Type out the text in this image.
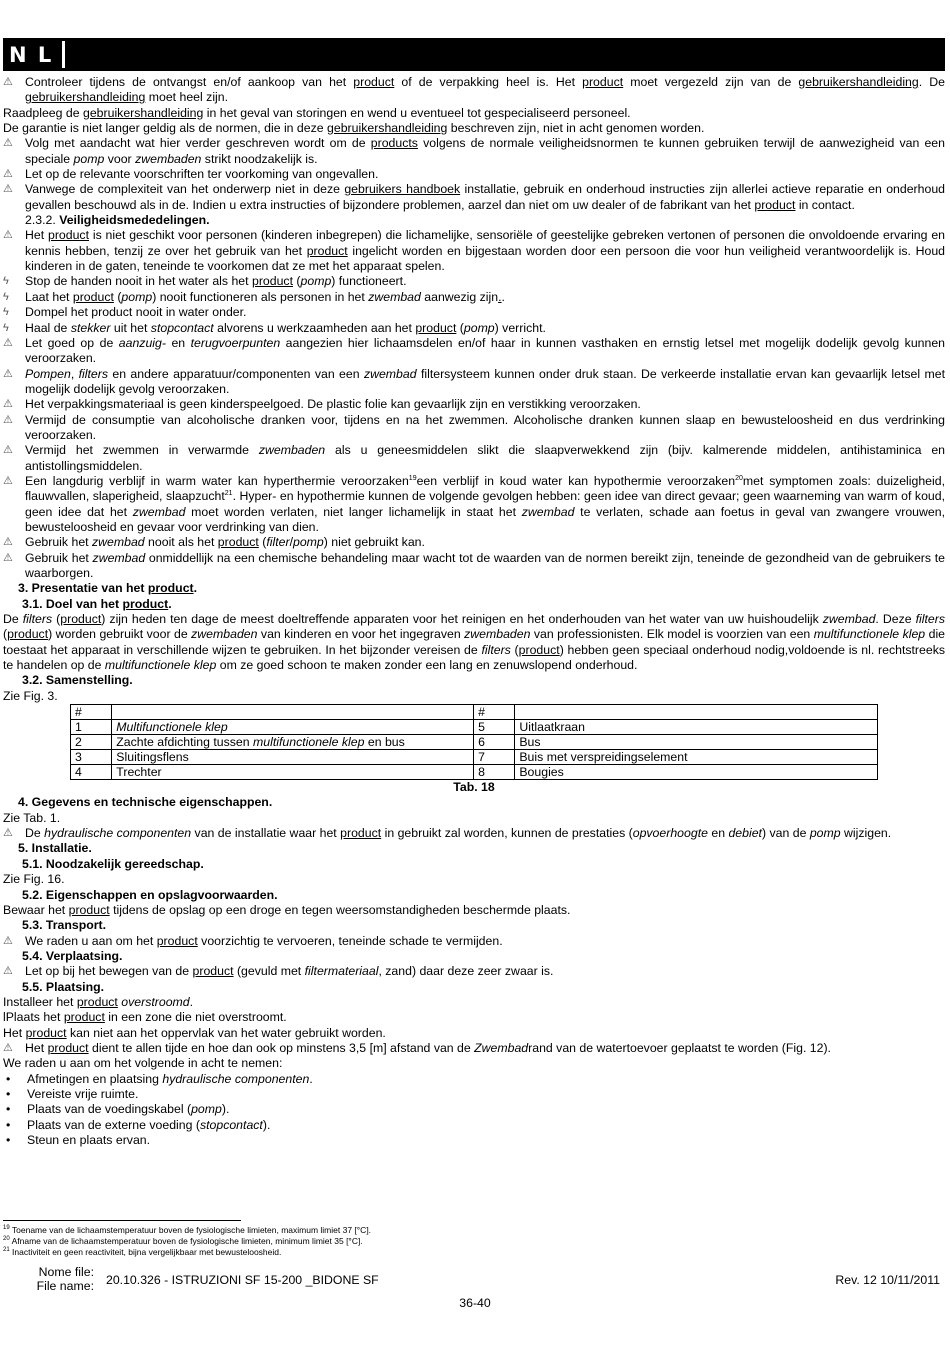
N L
⚠ Controleer tijdens de ontvangst en/of aankoop van het product of de verpakking heel is. Het product moet vergezeld zijn van de gebruikershandleiding. De gebruikershandleiding moet heel zijn.
Raadpleeg de gebruikershandleiding in het geval van storingen en wend u eventueel tot gespecialiseerd personeel.
De garantie is niet langer geldig als de normen, die in deze gebruikershandleiding beschreven zijn, niet in acht genomen worden.
⚠ Volg met aandacht wat hier verder geschreven wordt om de products volgens de normale veiligheidsnormen te kunnen gebruiken terwijl de aanwezigheid van een speciale pomp voor zwembaden strikt noodzakelijk is.
⚠ Let op de relevante voorschriften ter voorkoming van ongevallen.
⚠ Vanwege de complexiteit van het onderwerp niet in deze gebruikers handboek installatie, gebruik en onderhoud instructies zijn allerlei actieve reparatie en onderhoud gevallen beschouwd als in de. Indien u extra instructies of bijzondere problemen, aarzel dan niet om uw dealer of de fabrikant van het product in contact.
2.3.2. Veiligheidsmededelingen.
⚠ Het product is niet geschikt voor personen (kinderen inbegrepen) die lichamelijke, sensoriële of geestelijke gebreken vertonen of personen die onvoldoende ervaring en kennis hebben, tenzij ze over het gebruik van het product ingelicht worden en bijgestaan worden door een persoon die voor hun veiligheid verantwoordelijk is. Houd kinderen in de gaten, teneinde te voorkomen dat ze met het apparaat spelen.
ϟ	Stop de handen nooit in het water als het product (pomp) functioneert.
ϟ	Laat het product (pomp) nooit functioneren als personen in het zwembad aanwezig zijn..
ϟ	Dompel het product nooit in water onder.
ϟ	Haal de stekker uit het stopcontact alvorens u werkzaamheden aan het product (pomp) verricht.
⚠ Let goed op de aanzuig- en terugvoerpunten aangezien hier lichaamsdelen en/of haar in kunnen vasthaken en ernstig letsel met mogelijk dodelijk gevolg kunnen veroorzaken.
⚠ Pompen, filters en andere apparatuur/componenten van een zwembad filtersysteem kunnen onder druk staan. De verkeerde installatie ervan kan gevaarlijk letsel met mogelijk dodelijk gevolg veroorzaken.
⚠ Het verpakkingsmateriaal is geen kinderspeelgoed. De plastic folie kan gevaarlijk zijn en verstikking veroorzaken.
⚠ Vermijd de consumptie van alcoholische dranken voor, tijdens en na het zwemmen. Alcoholische dranken kunnen slaap en bewusteloosheid en dus verdrinking veroorzaken.
⚠ Vermijd het zwemmen in verwarmde zwembaden als u geneesmiddelen slikt die slaapverwekkend zijn (bijv. kalmerende middelen, antihistaminica en antistollingsmiddelen.
⚠ Een langdurig verblijf in warm water kan hyperthermie veroorzaken$^{19}$een verblijf in koud water kan hypothermie veroorzaken$^{20}$met symptomen zoals: duizeligheid, flauwvallen, slaperigheid, slaapzucht$^{21}$. Hyper- en hypothermie kunnen de volgende gevolgen hebben: geen idee van direct gevaar; geen waarneming van warm of koud, geen idee dat het zwembad moet worden verlaten, niet langer lichamelijk in staat het zwembad te verlaten, schade aan foetus in geval van zwangere vrouwen, bewusteloosheid en gevaar voor verdrinking van dien.
⚠ Gebruik het zwembad nooit als het product (filter/pomp) niet gebruikt kan.
⚠ Gebruik het zwembad onmiddellijk na een chemische behandeling maar wacht tot de waarden van de normen bereikt zijn, teneinde de gezondheid van de gebruikers te waarborgen.
3. Presentatie van het product.
3.1. Doel van het product.
De filters (product) zijn heden ten dage de meest doeltreffende apparaten voor het reinigen en het onderhouden van het water van uw huishoudelijk zwembad. Deze filters (product) worden gebruikt voor de zwembaden van kinderen en voor het ingegraven zwembaden van professionisten. Elk model is voorzien van een multifunctionele klep die toestaat het apparaat in verschillende wijzen te gebruiken. In het bijzonder vereisen de filters (product) hebben geen speciaal onderhoud nodig,voldoende is nl. rechtstreeks te handelen op de multifunctionele klep om ze goed schoon te maken zonder een lang en zenuwslopend onderhoud.
3.2. Samenstelling.
Zie Fig. 3.
#		#	
1	Multifunctionele klep	5	Uitlaatkraan
2	Zachte afdichting tussen multifunctionele klep en bus	6	Bus
3	Sluitingsflens	7	Buis met verspreidingselement
4	Trechter	8	Bougies
Tab. 18
4. Gegevens en technische eigenschappen.
Zie Tab. 1.
⚠ De hydraulische componenten van de installatie waar het product in gebruikt zal worden, kunnen de prestaties (opvoerhoogte en debiet) van de pomp wijzigen.
5. Installatie.
5.1. Noodzakelijk gereedschap.
Zie Fig. 16.
5.2. Eigenschappen en opslagvoorwaarden.
Bewaar het product tijdens de opslag op een droge en tegen weersomstandigheden beschermde plaats.
5.3. Transport.
⚠ We raden u aan om het product voorzichtig te vervoeren, teneinde schade te vermijden.
5.4. Verplaatsing.
⚠ Let op bij het bewegen van de product (gevuld met filtermateriaal, zand) daar deze zeer zwaar is.
5.5. Plaatsing.
Installeer het product overstroomd.
lPlaats het product in een zone die niet overstroomt.
Het product kan niet aan het oppervlak van het water gebruikt worden.
⚠ Het product dient te allen tijde en hoe dan ook op minstens 3,5 [m] afstand van de Zwembadrand van de watertoevoer geplaatst te worden (Fig. 12).
We raden u aan om het volgende in acht te nemen:
• Afmetingen en plaatsing hydraulische componenten.
• Vereiste vrije ruimte.
• Plaats van de voedingskabel (pomp).
• Plaats van de externe voeding (stopcontact).
• Steun en plaats ervan.
$^{19}$ Toename van de lichaamstemperatuur boven de fysiologische limieten, maximum limiet 37 [°C].
$^{20}$ Afname van de lichaamstemperatuur boven de fysiologische limieten, minimum limiet 35 [°C].
$^{21}$ Inactiviteit en geen reactiviteit, bijna vergelijkbaar met bewusteloosheid.
Nome file:
File name: 20.10.326 - ISTRUZIONI SF 15-200 _BIDONE SF	Rev. 12 10/11/2011
36-40
